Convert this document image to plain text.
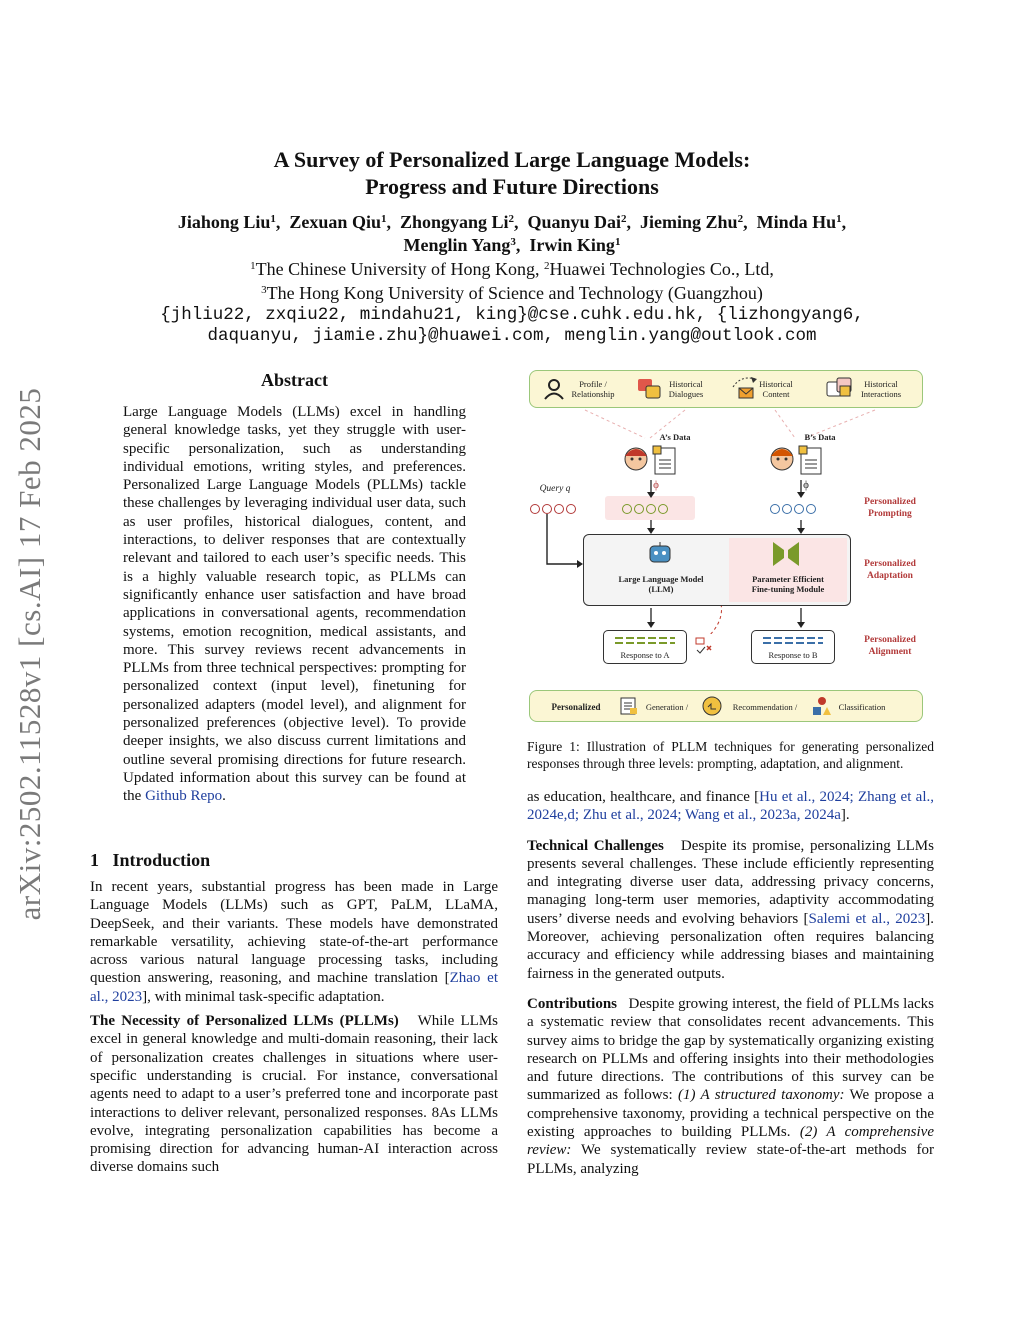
arXiv:2502.11528v1 [cs.AI] 17 Feb 2025
A Survey of Personalized Large Language Models:
Progress and Future Directions
Jiahong Liu$^1$,  Zexuan Qiu$^1$,  Zhongyang Li$^2$,  Quanyu Dai$^2$,  Jieming Zhu$^2$,  Minda Hu$^1$,
Menglin Yang$^3$,  Irwin King$^1$
$^1$The Chinese University of Hong Kong, $^2$Huawei Technologies Co., Ltd,
$^3$The Hong Kong University of Science and Technology (Guangzhou)
{jhliu22, zxqiu22, mindahu21, king}@cse.cuhk.edu.hk, {lizhongyang6,
daquanyu, jiamie.zhu}@huawei.com, menglin.yang@outlook.com
Abstract
Large Language Models (LLMs) excel in handling general knowledge tasks, yet they struggle with user-specific personalization, such as understanding individual emotions, writing styles, and preferences. Personalized Large Language Models (PLLMs) tackle these challenges by leveraging individual user data, such as user profiles, historical dialogues, content, and interactions, to deliver responses that are contextually relevant and tailored to each user’s specific needs. This is a highly valuable research topic, as PLLMs can significantly enhance user satisfaction and have broad applications in conversational agents, recommendation systems, emotion recognition, medical assistants, and more. This survey reviews recent advancements in PLLMs from three technical perspectives: prompting for personalized context (input level), finetuning for personalized adapters (model level), and alignment for personalized preferences (objective level). To provide deeper insights, we also discuss current limitations and outline several promising directions for future research. Updated information about this survey can be found at the Github Repo.
1 Introduction

In recent years, substantial progress has been made in Large Language Models (LLMs) such as GPT, PaLM, LLaMA, DeepSeek, and their variants. These models have demonstrated remarkable versatility, achieving state-of-the-art performance across various natural language processing tasks, including question answering, reasoning, and machine translation [Zhao et al., 2023], with minimal task-specific adaptation.

The Necessity of Personalized LLMs (PLLMs) While LLMs excel in general knowledge and multi-domain reasoning, their lack of personalization creates challenges in situations where user-specific understanding is crucial. For instance, conversational agents need to adapt to a user’s preferred tone and incorporate past interactions to deliver relevant, personalized responses. 8As LLMs evolve, integrating personalization capabilities has become a promising direction for advancing human-AI interaction across diverse domains such

as education, healthcare, and finance [Hu et al., 2024; Zhang et al., 2024e,d; Zhu et al., 2024; Wang et al., 2023a, 2024a].

Technical Challenges Despite its promise, personalizing LLMs presents several challenges. These include efficiently representing and integrating diverse user data, addressing privacy concerns, managing long-term user memories, adaptivity accommodating users’ diverse needs and evolving behaviors [Salemi et al., 2023]. Moreover, achieving personalization often requires balancing accuracy and efficiency while addressing biases and maintaining fairness in the generated outputs.

Contributions Despite growing interest, the field of PLLMs lacks a systematic review that consolidates recent advancements. This survey aims to bridge the gap by systematically organizing existing research on PLLMs and offering insights into their methodologies and future directions. The contributions of this survey can be summarized as follows: (1) A structured taxonomy: We propose a comprehensive taxonomy, providing a technical perspective on the existing approaches to building PLLMs. (2) A comprehensive review: We systematically review state-of-the-art methods for PLLMs, analyzing

Profile /
Relationship
Historical
Dialogues
Historical
Content
Historical
Interactions
A’s Data	B’s Data
Query q	ϕ	ϕ
Personalized
Prompting
Personalized
Adaptation
Personalized
Alignment
Large Language Model
(LLM)
Parameter Efficient
Fine-tuning Module
Response to A	Response to B
Personalized	Generation /	Recommendation /	Classification
Figure 1: Illustration of PLLM techniques for generating personalized responses through three levels: prompting, adaptation, and alignment.
